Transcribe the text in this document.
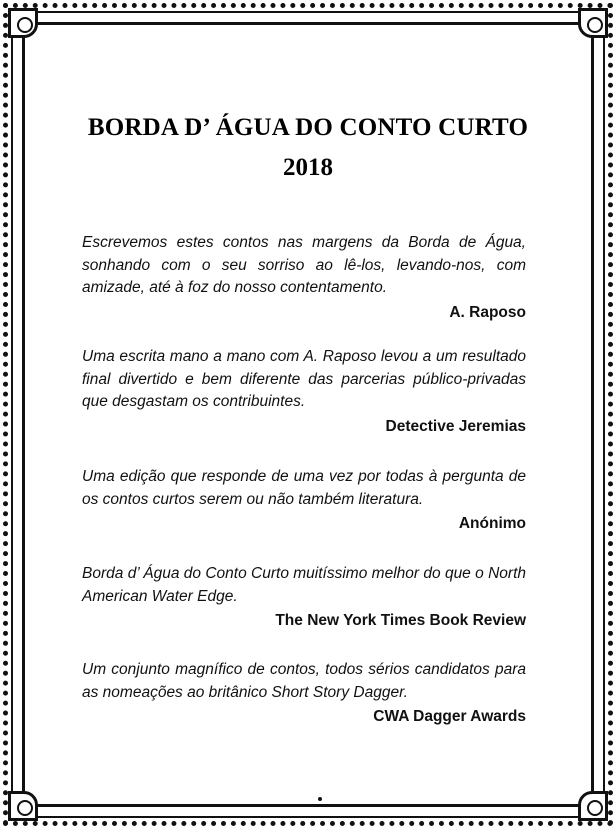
BORDA D’ ÁGUA DO CONTO CURTO
2018

Escrevemos estes contos nas margens da Borda de Água, sonhando com o seu sorriso ao lê-los, levando-nos, com amizade, até à foz do nosso contentamento.

A. Raposo

Uma escrita mano a mano com A. Raposo levou a um resultado final divertido e bem diferente das parcerias público-privadas que desgastam os contribuintes.

Detective Jeremias

Uma edição que responde de uma vez por todas à pergunta de os contos curtos serem ou não também literatura.

Anónimo

Borda d’ Água do Conto Curto muitíssimo melhor do que o North American Water Edge.

The New York Times Book Review

Um conjunto magnífico de contos, todos sérios candidatos para as nomeações ao britânico Short Story Dagger.

CWA Dagger Awards
